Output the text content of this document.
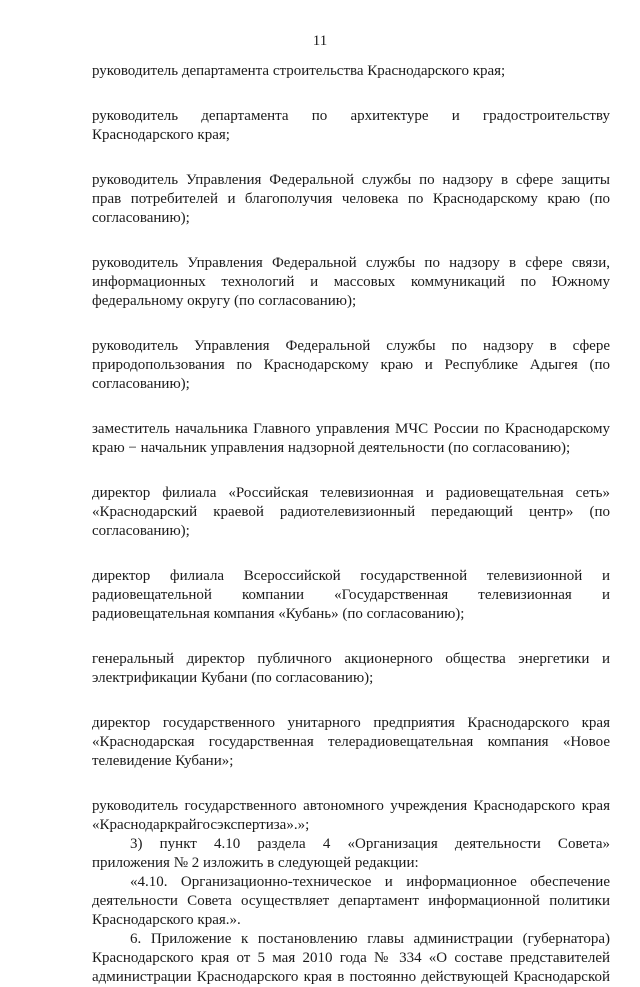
11
руководитель департамента строительства Краснодарского края;
руководитель департамента по архитектуре и градостроительству
Краснодарского края;
руководитель Управления Федеральной службы по надзору в сфере защиты
прав потребителей и благополучия человека по Краснодарскому краю (по
согласованию);
руководитель Управления Федеральной службы по надзору в сфере связи,
информационных технологий и массовых коммуникаций по Южному
федеральному округу (по согласованию);
руководитель Управления Федеральной службы по надзору в сфере
природопользования по Краснодарскому краю и Республике Адыгея (по
согласованию);
заместитель начальника Главного управления МЧС России по Краснодарскому
краю − начальник управления надзорной деятельности (по согласованию);
директор филиала «Российская телевизионная и радиовещательная сеть»
«Краснодарский краевой радиотелевизионный передающий центр» (по
согласованию);
директор филиала Всероссийской государственной телевизионной и
радиовещательной компании «Государственная телевизионная и
радиовещательная компания «Кубань» (по согласованию);
генеральный директор публичного акционерного общества энергетики и
электрификации Кубани (по согласованию);
директор государственного унитарного предприятия Краснодарского края
«Краснодарская государственная телерадиовещательная компания «Новое
телевидение Кубани»;
руководитель государственного автономного учреждения Краснодарского края
«Краснодаркрайгосэкспертиза».»;
3) пункт 4.10 раздела 4 «Организация деятельности Совета»
приложения № 2 изложить в следующей редакции:
«4.10. Организационно-техническое и информационное обеспечение
деятельности Совета осуществляет департамент информационной политики
Краснодарского края.».
6. Приложение к постановлению главы администрации (губернатора)
Краснодарского края от 5 мая 2010 года № 334 «О составе представителей
администрации Краснодарского края в постоянно действующей Краснодарской
